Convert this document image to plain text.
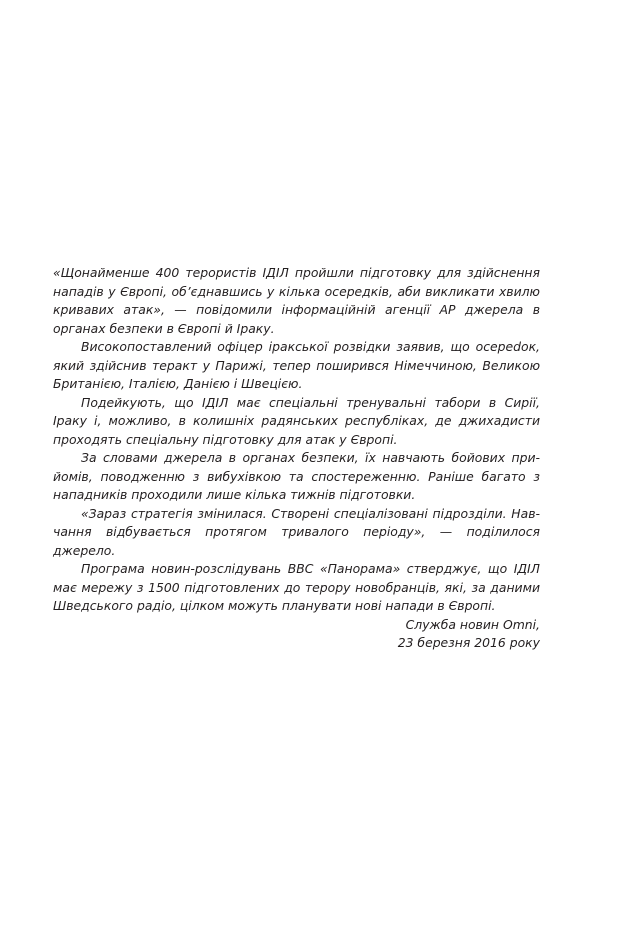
«Щонайменше 400 терористів ІДІЛ пройшли підготовку для здійснення нападів у Європі, об’єднавшись у кілька осередків, аби викликати хвилю кривавих атак», — повідомили інформаційній агенції AP джерела в органах безпеки в Європі й Іраку.

Високопоставлений офіцер іракської розвідки заявив, що осереdок, який здійснив теракт у Парижі, тепер поширився Німеччиною, Великою Британією, Італією, Данією і Швецією.

Подейкують, що ІДІЛ має спеціальні тренувальні табори в Сирії, Іраку і, можливо, в колишніх радянських республіках, де джихадисти проходять спеціальну підготовку для атак у Європі.

За словами джерела в органах безпеки, їх навчають бойових прийомів, поводженню з вибухівкою та спостереженню. Раніше багато з нападників проходили лише кілька тижнів підготовки.

«Зараз стратегія змінилася. Створені спеціалізовані підрозділи. Навчання відбувається протягом тривалого періоду», — поділилося джерело.

Програма новин-розслідувань BBC «Панорама» стверджує, що ІДІЛ має мережу з 1500 підготовлених до терору новобранців, які, за даними Шведського радіо, цілком можуть планувати нові напади в Європі.

Служба новин Omni,
23 березня 2016 року
